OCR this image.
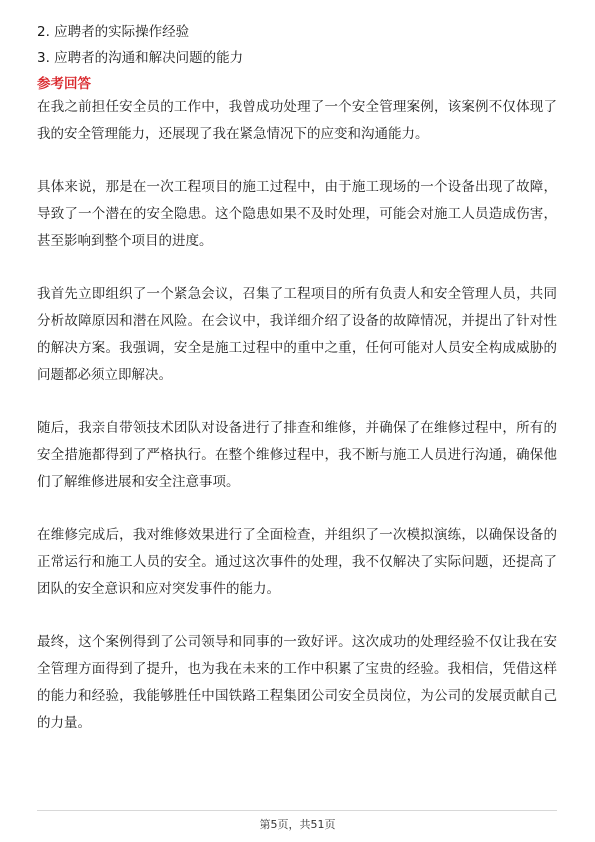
2. 应聘者的实际操作经验

3. 应聘者的沟通和解决问题的能力

参考回答

在我之前担任安全员的工作中，我曾成功处理了一个安全管理案例，该案例不仅体现了我的安全管理能力，还展现了我在紧急情况下的应变和沟通能力。

具体来说，那是在一次工程项目的施工过程中，由于施工现场的一个设备出现了故障，导致了一个潜在的安全隐患。这个隐患如果不及时处理，可能会对施工人员造成伤害，甚至影响到整个项目的进度。

我首先立即组织了一个紧急会议，召集了工程项目的所有负责人和安全管理人员，共同分析故障原因和潜在风险。在会议中，我详细介绍了设备的故障情况，并提出了针对性的解决方案。我强调，安全是施工过程中的重中之重，任何可能对人员安全构成威胁的问题都必须立即解决。

随后，我亲自带领技术团队对设备进行了排查和维修，并确保了在维修过程中，所有的安全措施都得到了严格执行。在整个维修过程中，我不断与施工人员进行沟通，确保他们了解维修进展和安全注意事项。

在维修完成后，我对维修效果进行了全面检查，并组织了一次模拟演练，以确保设备的正常运行和施工人员的安全。通过这次事件的处理，我不仅解决了实际问题，还提高了团队的安全意识和应对突发事件的能力。

最终，这个案例得到了公司领导和同事的一致好评。这次成功的处理经验不仅让我在安全管理方面得到了提升，也为我在未来的工作中积累了宝贵的经验。我相信，凭借这样的能力和经验，我能够胜任中国铁路工程集团公司安全员岗位，为公司的发展贡献自己的力量。

第5页，共51页
